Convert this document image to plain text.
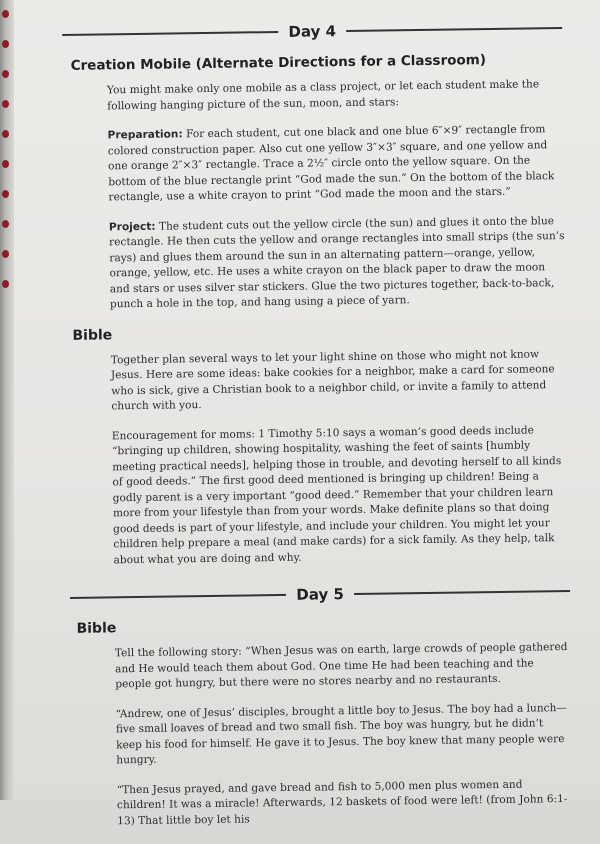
Day 4
Creation Mobile (Alternate Directions for a Classroom)

You might make only one mobile as a class project, or let each student make the following hanging picture of the sun, moon, and stars:

Preparation: For each student, cut one black and one blue 6″×9″ rectangle from colored construction paper. Also cut one yellow 3″×3″ square, and one yellow and one orange 2″×3″ rectangle. Trace a 2½″ circle onto the yellow square. On the bottom of the blue rectangle print “God made the sun.” On the bottom of the black rectangle, use a white crayon to print “God made the moon and the stars.”

Project: The student cuts out the yellow circle (the sun) and glues it onto the blue rectangle. He then cuts the yellow and orange rectangles into small strips (the sun’s rays) and glues them around the sun in an alternating pattern—orange, yellow, orange, yellow, etc. He uses a white crayon on the black paper to draw the moon and stars or uses silver star stickers. Glue the two pictures together, back-to-back, punch a hole in the top, and hang using a piece of yarn.

Bible

Together plan several ways to let your light shine on those who might not know Jesus. Here are some ideas: bake cookies for a neighbor, make a card for someone who is sick, give a Christian book to a neighbor child, or invite a family to attend church with you.

Encouragement for moms: 1 Timothy 5:10 says a woman’s good deeds include “bringing up children, showing hospitality, washing the feet of saints [humbly meeting practical needs], helping those in trouble, and devoting herself to all kinds of good deeds.” The first good deed mentioned is bringing up children! Being a godly parent is a very important “good deed.” Remember that your children learn more from your lifestyle than from your words. Make definite plans so that doing good deeds is part of your lifestyle, and include your children. You might let your children help prepare a meal (and make cards) for a sick family. As they help, talk about what you are doing and why.

Day 5
Bible

Tell the following story: “When Jesus was on earth, large crowds of people gathered and He would teach them about God. One time He had been teaching and the people got hungry, but there were no stores nearby and no restaurants.

“Andrew, one of Jesus’ disciples, brought a little boy to Jesus. The boy had a lunch—five small loaves of bread and two small fish. The boy was hungry, but he didn’t keep his food for himself. He gave it to Jesus. The boy knew that many people were hungry.

“Then Jesus prayed, and gave bread and fish to 5,000 men plus women and children! It was a miracle! Afterwards, 12 baskets of food were left! (from John 6:1-13) That little boy let his
